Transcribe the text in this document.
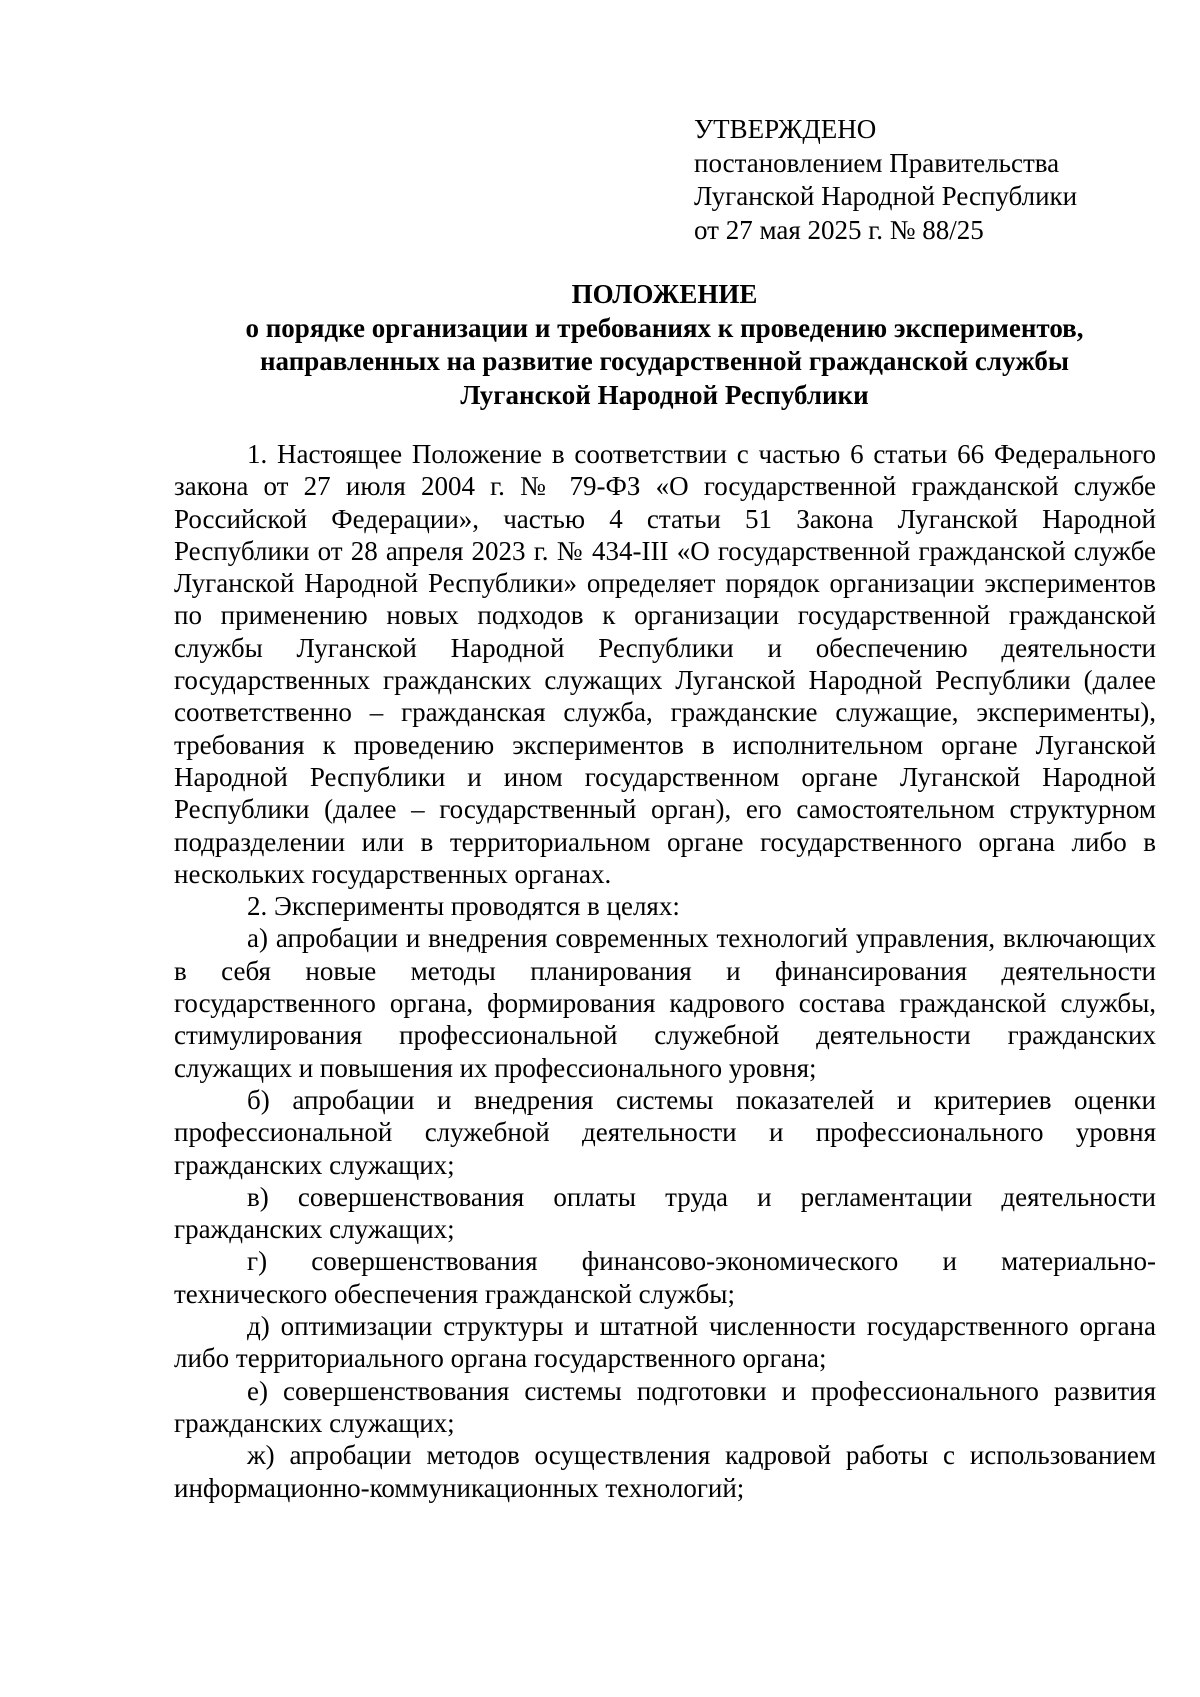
УТВЕРЖДЕНО
постановлением Правительства
Луганской Народной Республики
от 27 мая 2025 г. № 88/25
ПОЛОЖЕНИЕ
о порядке организации и требованиях к проведению экспериментов,
направленных на развитие государственной гражданской службы
Луганской Народной Республики

1. Настоящее Положение в соответствии с частью 6 статьи 66 Федерального закона от 27 июля 2004 г. № 79-ФЗ «О государственной гражданской службе Российской Федерации», частью 4 статьи 51 Закона Луганской Народной Республики от 28 апреля 2023 г. № 434-III «О государственной гражданской службе Луганской Народной Республики» определяет порядок организации экспериментов по применению новых подходов к организации государственной гражданской службы Луганской Народной Республики и обеспечению деятельности государственных гражданских служащих Луганской Народной Республики (далее соответственно – гражданская служба, гражданские служащие, эксперименты), требования к проведению экспериментов в исполнительном органе Луганской Народной Республики и ином государственном органе Луганской Народной Республики (далее – государственный орган), его самостоятельном структурном подразделении или в территориальном органе государственного органа либо в нескольких государственных органах.

2. Эксперименты проводятся в целях:

а) апробации и внедрения современных технологий управления, включающих в себя новые методы планирования и финансирования деятельности государственного органа, формирования кадрового состава гражданской службы, стимулирования профессиональной служебной деятельности гражданских служащих и повышения их профессионального уровня;

б) апробации и внедрения системы показателей и критериев оценки профессиональной служебной деятельности и профессионального уровня гражданских служащих;

в) совершенствования оплаты труда и регламентации деятельности гражданских служащих;

г) совершенствования финансово-экономического и материально-технического обеспечения гражданской службы;

д) оптимизации структуры и штатной численности государственного органа либо территориального органа государственного органа;

е) совершенствования системы подготовки и профессионального развития гражданских служащих;

ж) апробации методов осуществления кадровой работы с использованием информационно-коммуникационных технологий;
